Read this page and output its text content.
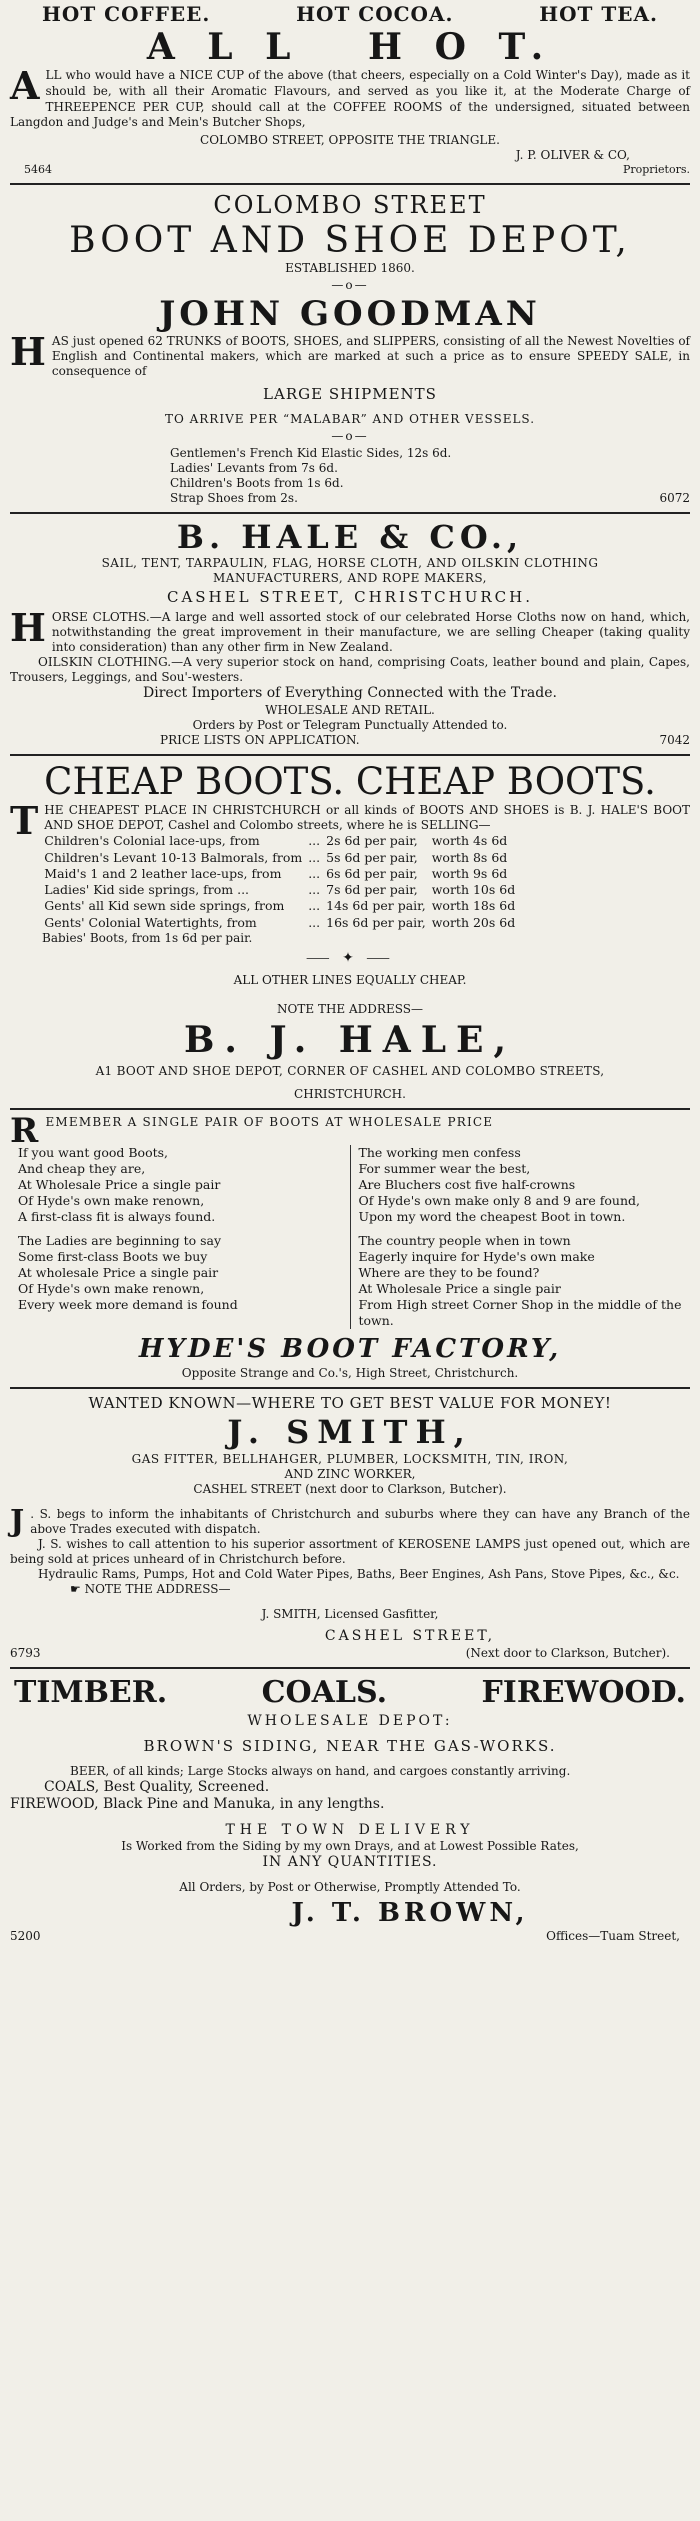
HOT COFFEE.	HOT COCOA.	HOT TEA.
A L L   H O T.

ALL who would have a NICE CUP of the above (that cheers, especially on a Cold Winter's Day), made as it should be, with all their Aromatic Flavours, and served as you like it, at the Moderate Charge of THREEPENCE PER CUP, should call at the COFFEE ROOMS of the undersigned, situated between Langdon and Judge's and Mein's Butcher Shops,

COLOMBO STREET, OPPOSITE THE TRIANGLE.
J. P. OLIVER & CO,
5464	Proprietors.
COLOMBO STREET
BOOT AND SHOE DEPOT,
ESTABLISHED 1860.
—o—
JOHN GOODMAN

HAS just opened 62 TRUNKS of BOOTS, SHOES, and SLIPPERS, consisting of all the Newest Novelties of English and Continental makers, which are marked at such a price as to ensure SPEEDY SALE, in consequence of

LARGE SHIPMENTS
TO ARRIVE PER “MALABAR” AND OTHER VESSELS.
—o—
Gentlemen's French Kid Elastic Sides, 12s 6d.
Ladies' Levants from 7s 6d.
Children's Boots from 1s 6d.
Strap Shoes from 2s.	6072
B. HALE & CO.,
SAIL, TENT, TARPAULIN, FLAG, HORSE CLOTH, AND OILSKIN CLOTHING
MANUFACTURERS, AND ROPE MAKERS,
CASHEL STREET, CHRISTCHURCH.

HORSE CLOTHS.—A large and well assorted stock of our celebrated Horse Cloths now on hand, which, notwithstanding the great improvement in their manufacture, we are selling Cheaper (taking quality into consideration) than any other firm in New Zealand.

OILSKIN CLOTHING.—A very superior stock on hand, comprising Coats, leather bound and plain, Capes, Trousers, Leggings, and Sou'-westers.

Direct Importers of Everything Connected with the Trade.
WHOLESALE AND RETAIL.
Orders by Post or Telegram Punctually Attended to.
PRICE LISTS ON APPLICATION.	7042
CHEAP BOOTS. CHEAP BOOTS.

THE CHEAPEST PLACE IN CHRISTCHURCH or all kinds of BOOTS AND SHOES is B. J. HALE'S BOOT AND SHOE DEPOT, Cashel and Colombo streets, where he is SELLING—

Children's Colonial lace-ups, from	...	2s 6d per pair,	worth 4s 6d
Children's Levant 10-13 Balmorals, from	...	5s 6d per pair,	worth 8s 6d
Maid's 1 and 2 leather lace-ups, from	...	6s 6d per pair,	worth 9s 6d
Ladies' Kid side springs, from ...	...	7s 6d per pair,	worth 10s 6d
Gents' all Kid sewn side springs, from	...	14s 6d per pair,	worth 18s 6d
Gents' Colonial Watertights, from	...	16s 6d per pair,	worth 20s 6d
Babies' Boots, from 1s 6d per pair.
⸺ ✦ ⸺
ALL OTHER LINES EQUALLY CHEAP.
NOTE THE ADDRESS—
B. J. HALE,
A1 BOOT AND SHOE DEPOT, CORNER OF CASHEL AND COLOMBO STREETS,
CHRISTCHURCH.
REMEMBER A SINGLE PAIR OF BOOTS AT WHOLESALE PRICE
If you want good Boots,
And cheap they are,
At Wholesale Price a single pair
Of Hyde's own make renown,
A first-class fit is always found.
The Ladies are beginning to say
Some first-class Boots we buy
At wholesale Price a single pair
Of Hyde's own make renown,
Every week more demand is found
The working men confess
For summer wear the best,
Are Bluchers cost five half-crowns
Of Hyde's own make only 8 and 9 are found,
Upon my word the cheapest Boot in town.
The country people when in town
Eagerly inquire for Hyde's own make
Where are they to be found?
At Wholesale Price a single pair
From High street Corner Shop in the middle of the town.
HYDE'S BOOT FACTORY,
Opposite Strange and Co.'s, High Street, Christchurch.
WANTED KNOWN—WHERE TO GET BEST VALUE FOR MONEY!
J. SMITH,
GAS FITTER, BELLHAHGER, PLUMBER, LOCKSMITH, TIN, IRON,
AND ZINC WORKER,
CASHEL STREET (next door to Clarkson, Butcher).

J . S. begs to inform the inhabitants of Christchurch and suburbs where they can have any Branch of the above Trades executed with dispatch.

J. S. wishes to call attention to his superior assortment of KEROSENE LAMPS just opened out, which are being sold at prices unheard of in Christchurch before.

Hydraulic Rams, Pumps, Hot and Cold Water Pipes, Baths, Beer Engines, Ash Pans, Stove Pipes, &c., &c.

☛ NOTE THE ADDRESS—
J. SMITH, Licensed Gasfitter,
CASHEL STREET,
6793	(Next door to Clarkson, Butcher).
TIMBER.	COALS.	FIREWOOD.
WHOLESALE DEPOT:
BROWN'S SIDING, NEAR THE GAS-WORKS.

BEER, of all kinds; Large Stocks always on hand, and cargoes constantly arriving.

COALS, Best Quality, Screened.
FIREWOOD, Black Pine and Manuka, in any lengths.
THE TOWN DELIVERY
Is Worked from the Siding by my own Drays, and at Lowest Possible Rates,
IN ANY QUANTITIES.
All Orders, by Post or Otherwise, Promptly Attended To.
J. T. BROWN,
5200	Offices—Tuam Street,
